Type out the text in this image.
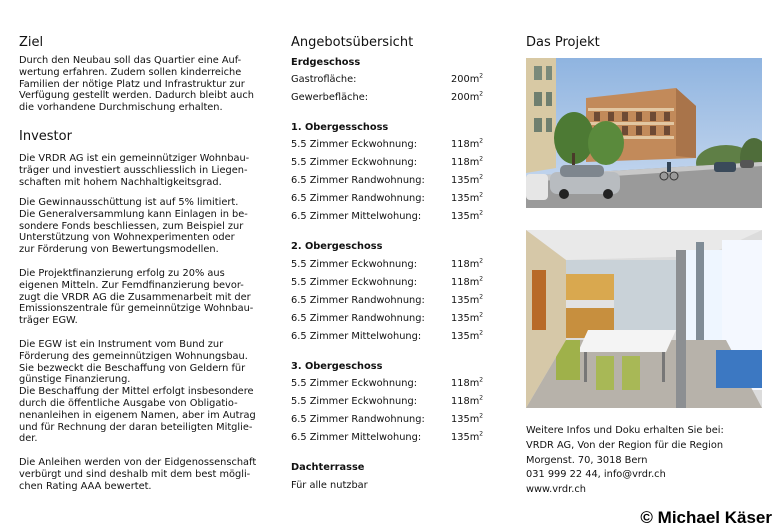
Ziel
Durch den Neubau soll das Quartier eine Auf-
wertung erfahren. Zudem sollen kinderreiche
Familien der nötige Platz und Infrastruktur zur
Verfügung gestellt werden. Dadurch bleibt auch
die vorhandene Durchmischung erhalten.
Investor
Die VRDR AG ist ein gemeinnütziger Wohnbau-
träger und investiert ausschliesslich in Liegen-
schaften mit hohem Nachhaltigkeitsgrad.
Die Gewinnausschüttung ist auf 5% limitiert.
Die Generalversammlung kann Einlagen in be-
sondere Fonds beschliessen, zum Beispiel zur
Unterstützung von Wohnexperimenten oder
zur Förderung von Bewertungsmodellen.
Die Projektfinanzierung erfolg zu 20% aus
eigenen Mitteln. Zur Femdfinanzierung bevor-
zugt die VRDR AG die Zusammenarbeit mit der
Emissionszentrale für gemeinnützige Wohnbau-
träger EGW.
Die EGW ist ein Instrument vom Bund zur
Förderung des gemeinnützigen Wohnungsbau.
Sie bezweckt die Beschaffung von Geldern für
günstige Finanzierung.
Die Beschaffung der Mittel erfolgt insbesondere
durch die öffentliche Ausgabe von Obligatio-
nenanleihen in eigenem Namen, aber im Autrag
und für Rechnung der daran beteiligten Mitglie-
der.
Die Anleihen werden von der Eidgenossenschaft
verbürgt und sind deshalb mit dem best mögli-
chen Rating AAA bewertet.
Angebotsübersicht
Erdgeschoss
Gastrofläche:	$200m^2$
Gewerbefläche:	$200m^2$
1. Obergesschoss
5.5 Zimmer Eckwohnung:	$118m^2$
5.5 Zimmer Eckwohnung:	$118m^2$
6.5 Zimmer Randwohnung:	$135m^2$
6.5 Zimmer Randwohnung:	$135m^2$
6.5 Zimmer Mittelwohung:	$135m^2$
2. Obergeschoss
5.5 Zimmer Eckwohnung:	$118m^2$
5.5 Zimmer Eckwohnung:	$118m^2$
6.5 Zimmer Randwohnung:	$135m^2$
6.5 Zimmer Randwohnung:	$135m^2$
6.5 Zimmer Mittelwohung:	$135m^2$
3. Obergeschoss
5.5 Zimmer Eckwohnung:	$118m^2$
5.5 Zimmer Eckwohnung:	$118m^2$
6.5 Zimmer Randwohnung:	$135m^2$
6.5 Zimmer Mittelwohung:	$135m^2$
Dachterrasse
Für alle nutzbar
Das Projekt
Weitere Infos und Doku erhalten Sie bei:
VRDR AG, Von der Region für die Region
Morgenst. 70, 3018 Bern
031 999 22 44, info@vrdr.ch
www.vrdr.ch
© Michael Käser
